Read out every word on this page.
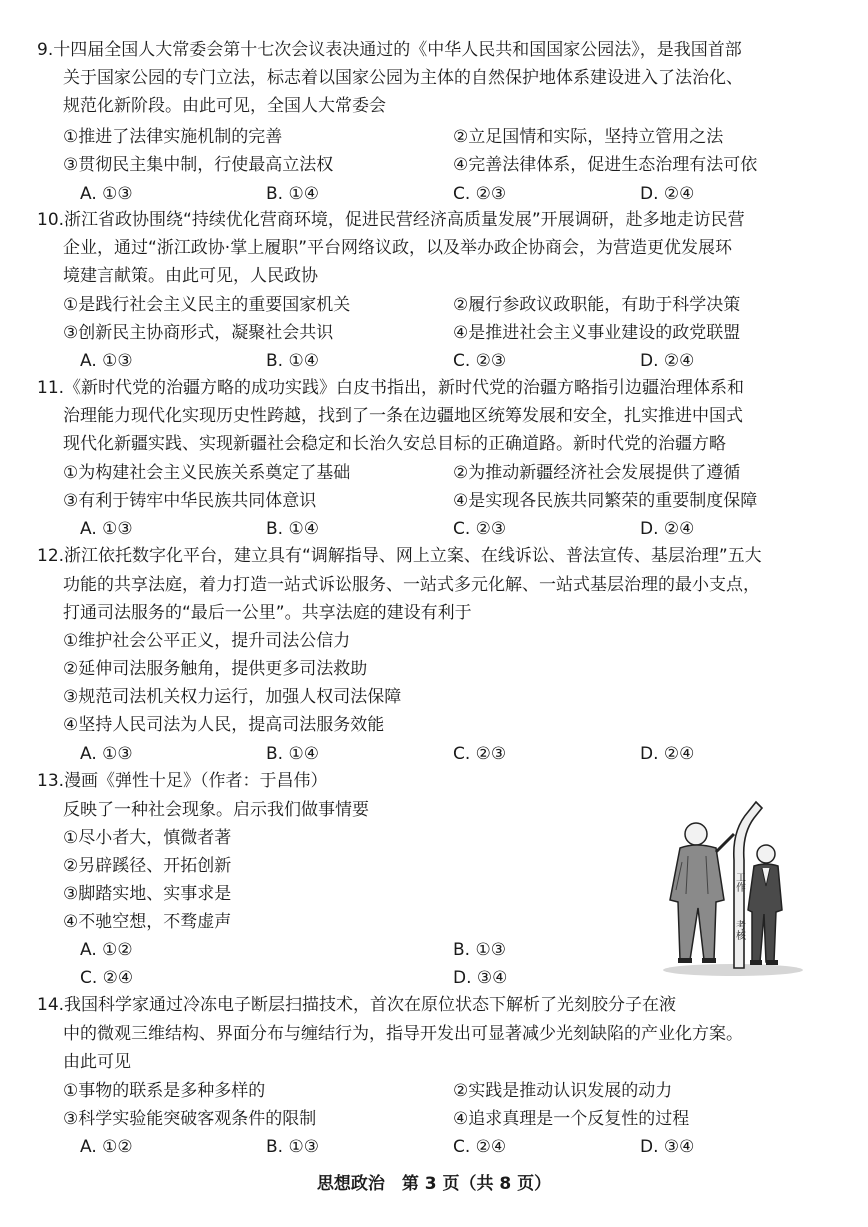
9.十四届全国人大常委会第十七次会议表决通过的《中华人民共和国国家公园法》，是我国首部
关于国家公园的专门立法，标志着以国家公园为主体的自然保护地体系建设进入了法治化、
规范化新阶段。由此可见，全国人大常委会
①推进了法律实施机制的完善	②立足国情和实际，坚持立管用之法
③贯彻民主集中制，行使最高立法权	④完善法律体系，促进生态治理有法可依
A. ①③	B. ①④	C. ②③	D. ②④
10.浙江省政协围绕“持续优化营商环境，促进民营经济高质量发展”开展调研，赴多地走访民营
企业，通过“浙江政协·掌上履职”平台网络议政，以及举办政企协商会，为营造更优发展环
境建言献策。由此可见，人民政协
①是践行社会主义民主的重要国家机关	②履行参政议政职能，有助于科学决策
③创新民主协商形式，凝聚社会共识	④是推进社会主义事业建设的政党联盟
A. ①③	B. ①④	C. ②③	D. ②④
11.《新时代党的治疆方略的成功实践》白皮书指出，新时代党的治疆方略指引边疆治理体系和
治理能力现代化实现历史性跨越，找到了一条在边疆地区统筹发展和安全，扎实推进中国式
现代化新疆实践、实现新疆社会稳定和长治久安总目标的正确道路。新时代党的治疆方略
①为构建社会主义民族关系奠定了基础	②为推动新疆经济社会发展提供了遵循
③有利于铸牢中华民族共同体意识	④是实现各民族共同繁荣的重要制度保障
A. ①③	B. ①④	C. ②③	D. ②④
12.浙江依托数字化平台，建立具有“调解指导、网上立案、在线诉讼、普法宣传、基层治理”五大
功能的共享法庭，着力打造一站式诉讼服务、一站式多元化解、一站式基层治理的最小支点，
打通司法服务的“最后一公里”。共享法庭的建设有利于
①维护社会公平正义，提升司法公信力
②延伸司法服务触角，提供更多司法救助
③规范司法机关权力运行，加强人权司法保障
④坚持人民司法为人民，提高司法服务效能
A. ①③	B. ①④	C. ②③	D. ②④
13.漫画《弹性十足》（作者：于昌伟）
反映了一种社会现象。启示我们做事情要
①尽小者大，慎微者著
②另辟蹊径、开拓创新
③脚踏实地、实事求是
④不驰空想，不骛虚声
A. ①②	B. ①③
C. ②④	D. ③④
工作
考核
14.我国科学家通过冷冻电子断层扫描技术，首次在原位状态下解析了光刻胶分子在液
中的微观三维结构、界面分布与缠结行为，指导开发出可显著减少光刻缺陷的产业化方案。
由此可见
①事物的联系是多种多样的	②实践是推动认识发展的动力
③科学实验能突破客观条件的限制	④追求真理是一个反复性的过程
A. ①②	B. ①③	C. ②④	D. ③④
思想政治　第 3 页（共 8 页）
